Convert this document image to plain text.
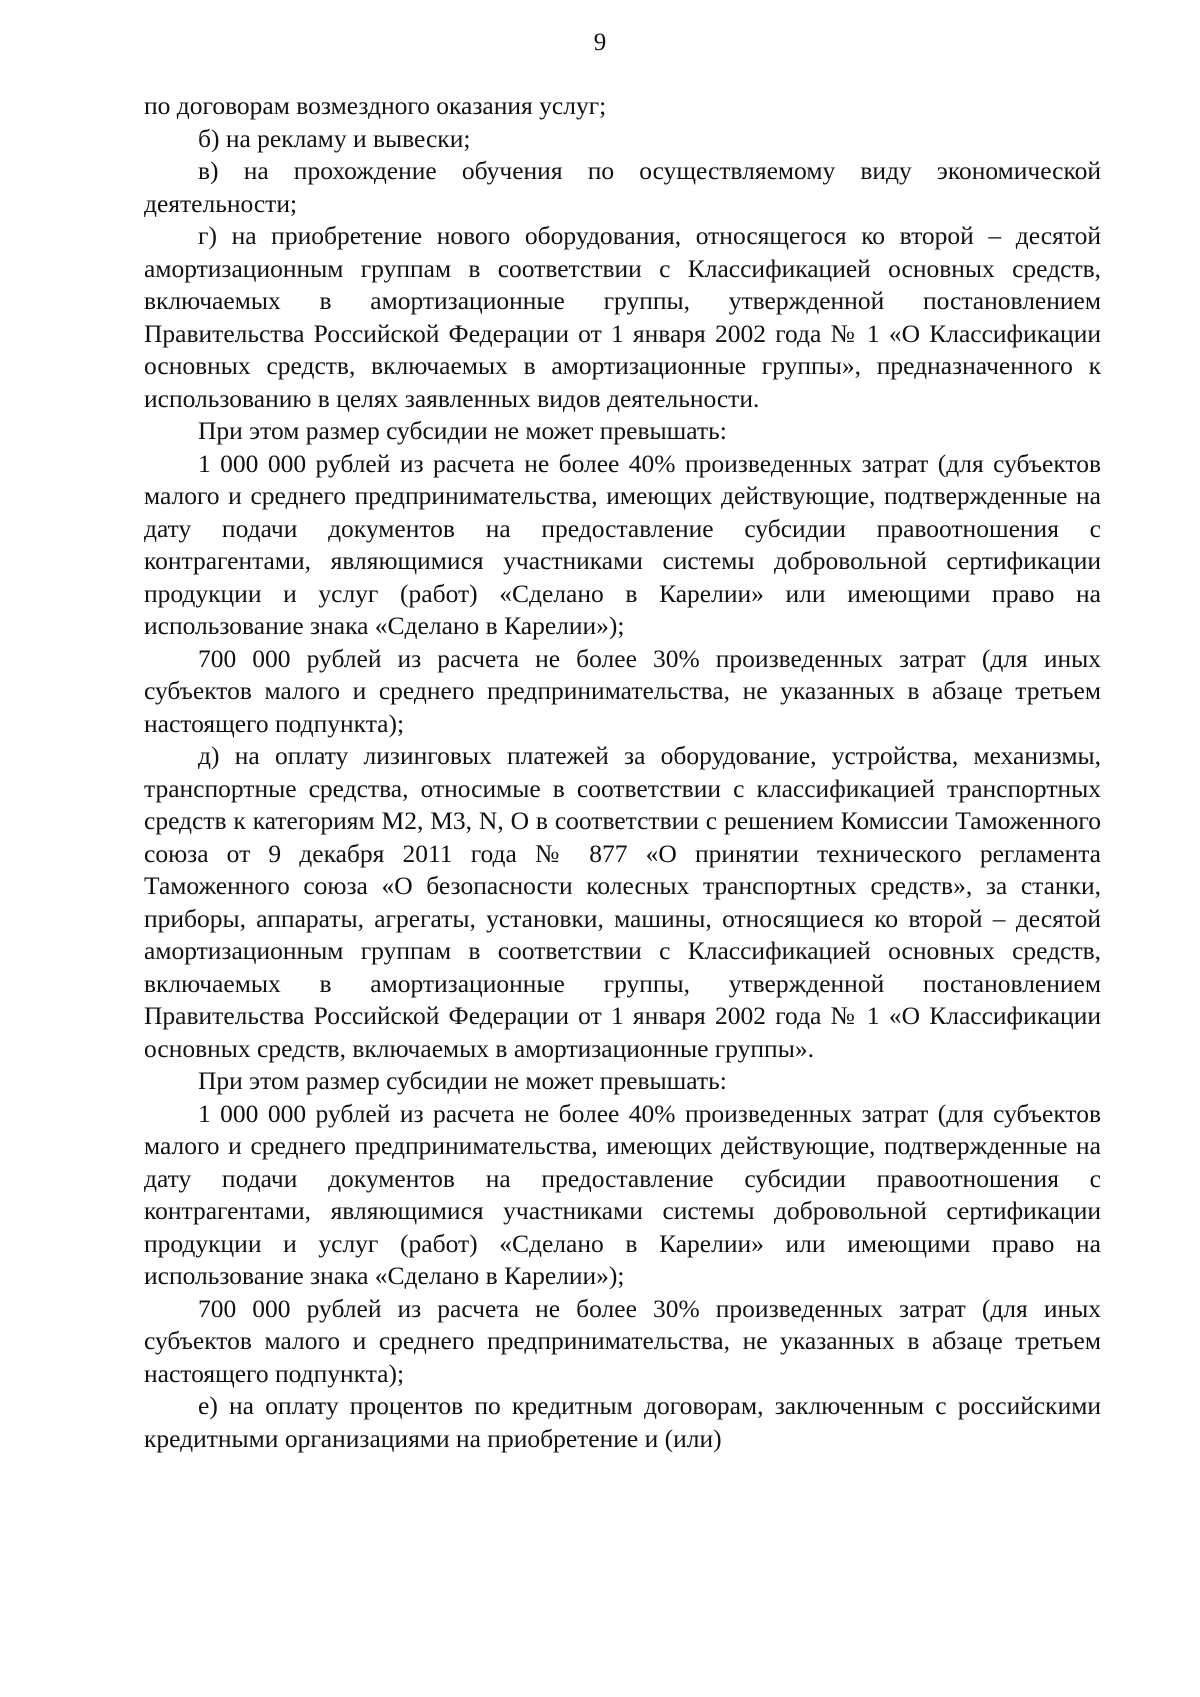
9

по договорам возмездного оказания услуг;

б) на рекламу и вывески;

в) на прохождение обучения по осуществляемому виду экономической деятельности;

г) на приобретение нового оборудования, относящегося ко второй – десятой амортизационным группам в соответствии с Классификацией основных средств, включаемых в амортизационные группы, утвержденной постановлением Правительства Российской Федерации от 1 января 2002 года № 1 «О Классификации основных средств, включаемых в амортизационные группы», предназначенного к использованию в целях заявленных видов деятельности.

При этом размер субсидии не может превышать:

1 000 000 рублей из расчета не более 40% произведенных затрат (для субъектов малого и среднего предпринимательства, имеющих действующие, подтвержденные на дату подачи документов на предоставление субсидии правоотношения с контрагентами, являющимися участниками системы добровольной сертификации продукции и услуг (работ) «Сделано в Карелии» или имеющими право на использование знака «Сделано в Карелии»);

700 000 рублей из расчета не более 30% произведенных затрат (для иных субъектов малого и среднего предпринимательства, не указанных в абзаце третьем настоящего подпункта);

д) на оплату лизинговых платежей за оборудование, устройства, механизмы, транспортные средства, относимые в соответствии с классификацией транспортных средств к категориям М2, М3, N, О в соответствии с решением Комиссии Таможенного союза от 9 декабря 2011 года № 877 «О принятии технического регламента Таможенного союза «О безопасности колесных транспортных средств», за станки, приборы, аппараты, агрегаты, установки, машины, относящиеся ко второй – десятой амортизационным группам в соответствии с Классификацией основных средств, включаемых в амортизационные группы, утвержденной постановлением Правительства Российской Федерации от 1 января 2002 года № 1 «О Классификации основных средств, включаемых в амортизационные группы».

При этом размер субсидии не может превышать:

1 000 000 рублей из расчета не более 40% произведенных затрат (для субъектов малого и среднего предпринимательства, имеющих действующие, подтвержденные на дату подачи документов на предоставление субсидии правоотношения с контрагентами, являющимися участниками системы добровольной сертификации продукции и услуг (работ) «Сделано в Карелии» или имеющими право на использование знака «Сделано в Карелии»);

700 000 рублей из расчета не более 30% произведенных затрат (для иных субъектов малого и среднего предпринимательства, не указанных в абзаце третьем настоящего подпункта);

е) на оплату процентов по кредитным договорам, заключенным с российскими кредитными организациями на приобретение и (или)
